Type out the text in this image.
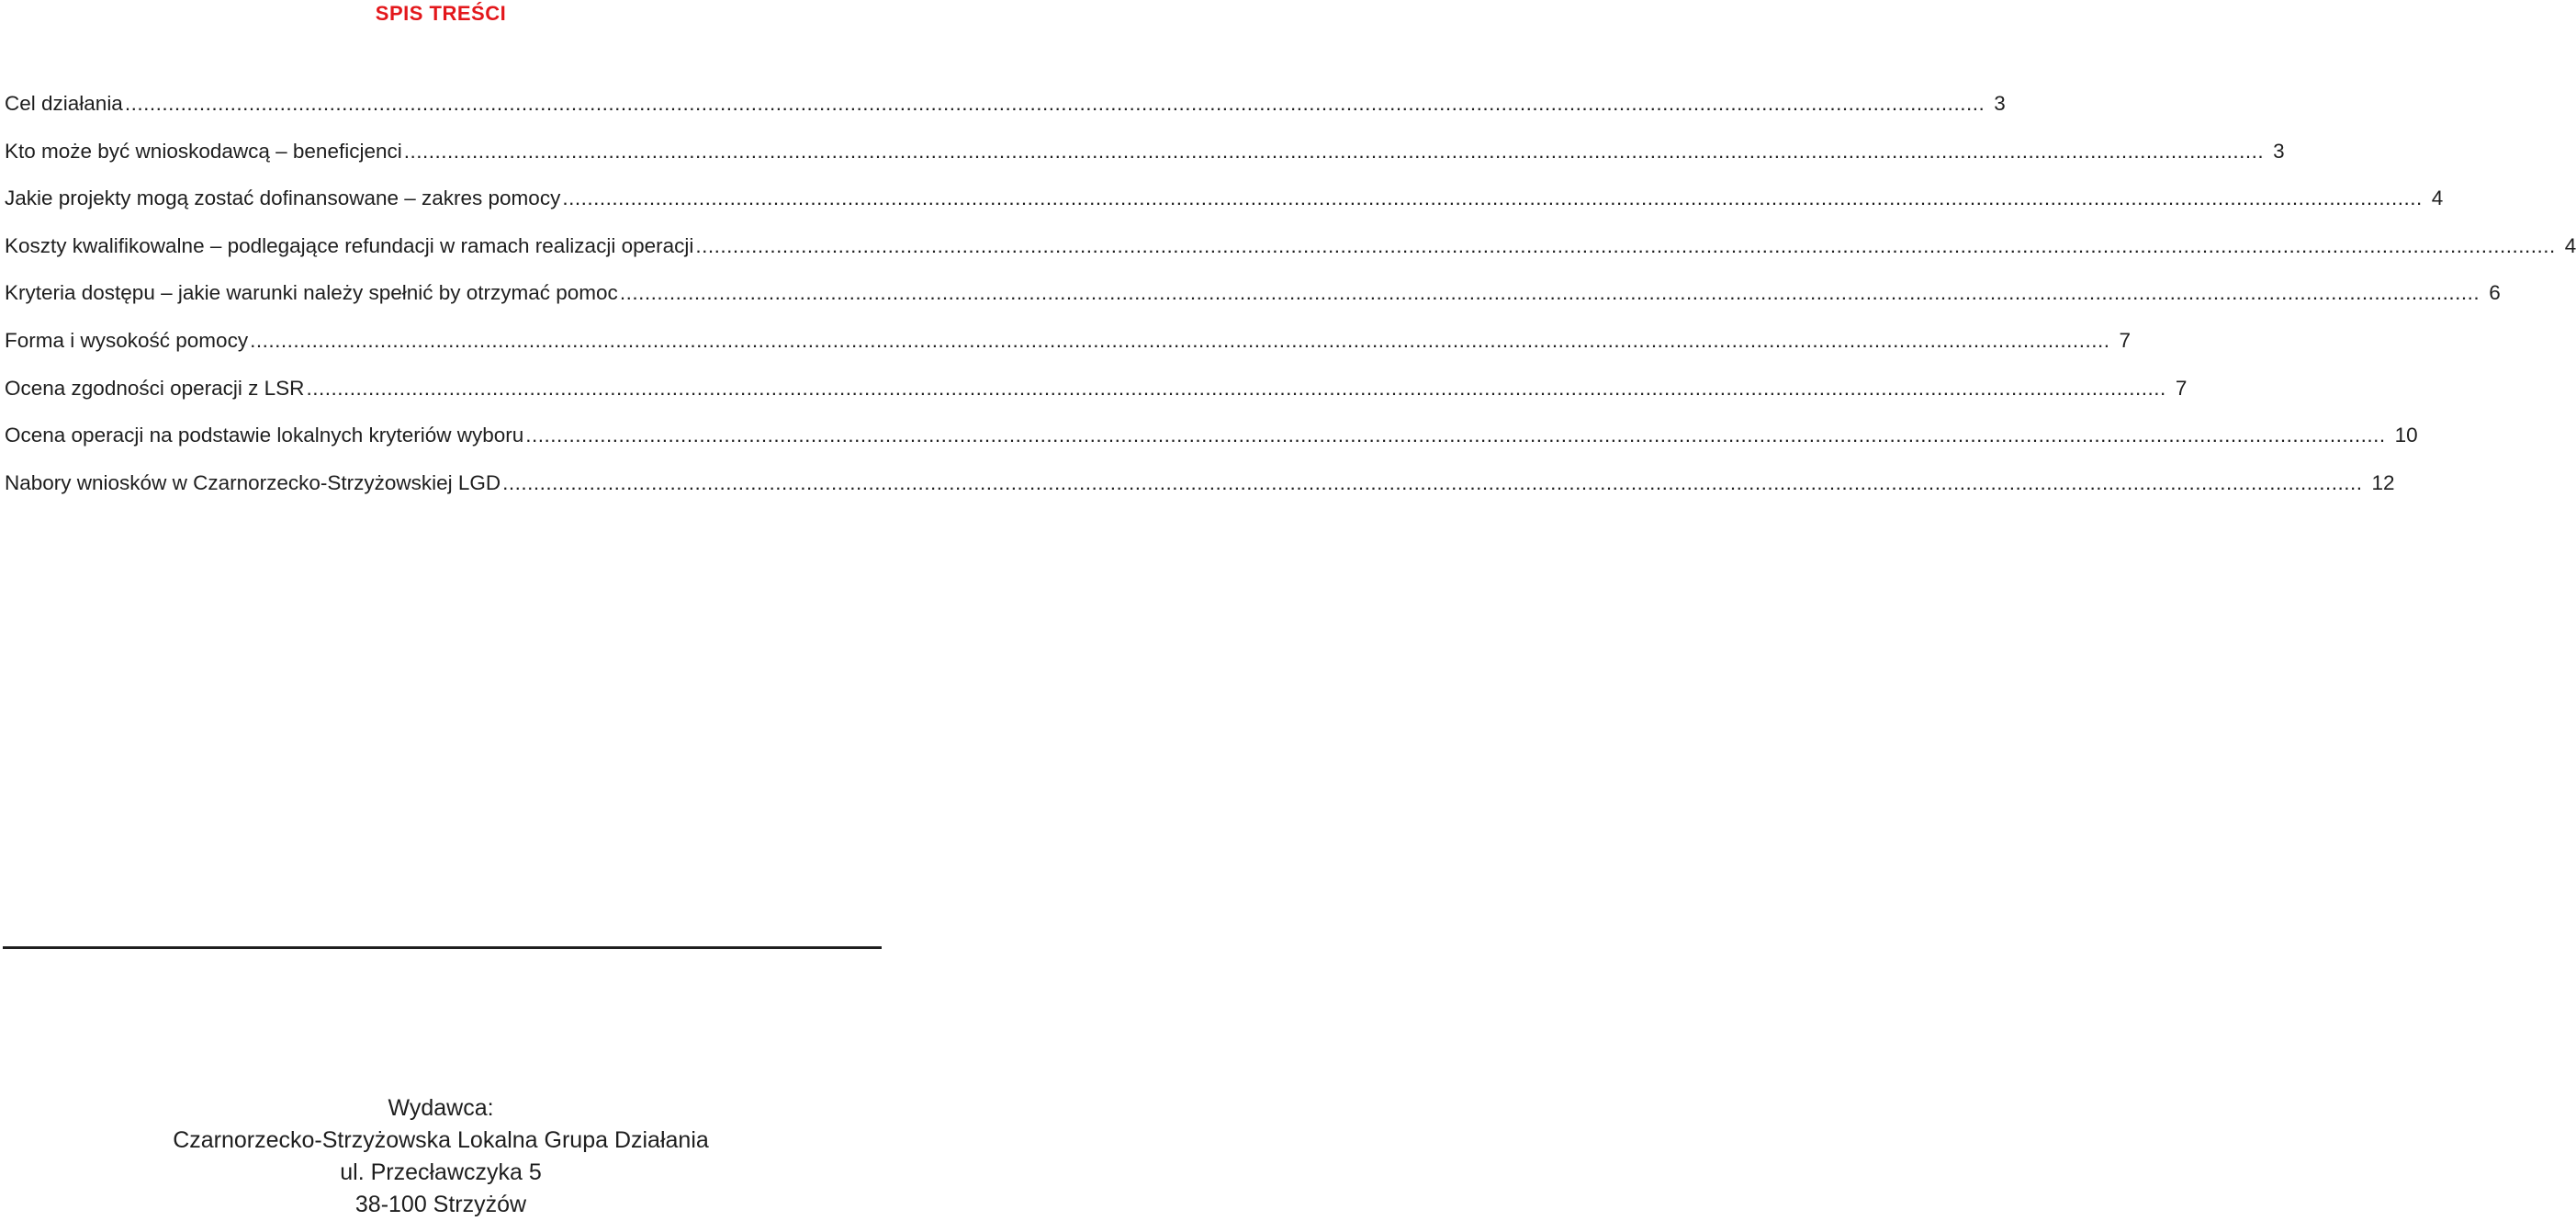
SPIS TREŚCI
Cel działania ............................................................................................................................................................................................................................................................................................................ 3
Kto może być wnioskodawcą – beneficjenci ............................................................................................................................................................................................................................................................................................................ 3
Jakie projekty mogą zostać dofinansowane – zakres pomocy ............................................................................................................................................................................................................................................................................................................ 4
Koszty kwalifikowalne – podlegające refundacji w ramach realizacji operacji ............................................................................................................................................................................................................................................................................................................ 4
Kryteria dostępu – jakie warunki należy spełnić by otrzymać pomoc ............................................................................................................................................................................................................................................................................................................ 6
Forma i wysokość pomocy ............................................................................................................................................................................................................................................................................................................ 7
Ocena zgodności operacji z LSR ............................................................................................................................................................................................................................................................................................................ 7
Ocena operacji na podstawie lokalnych kryteriów wyboru ............................................................................................................................................................................................................................................................................................................ 10
Nabory wniosków w Czarnorzecko-Strzyżowskiej LGD ............................................................................................................................................................................................................................................................................................................ 12
Wydawca:
Czarnorzecko-Strzyżowska Lokalna Grupa Działania
ul. Przecławczyka 5
38-100 Strzyżów
